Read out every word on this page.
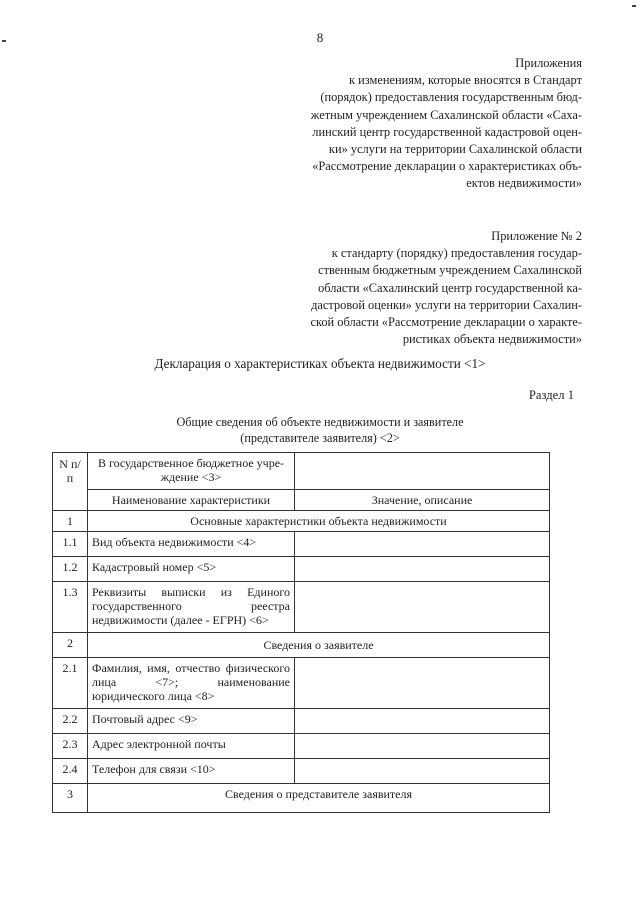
8
Приложения
к изменениям, которые вносятся в Стандарт
(порядок) предоставления государственным бюд-
жетным учреждением Сахалинской области «Саха-
линский центр государственной кадастровой оцен-
ки» услуги на территории Сахалинской области
«Рассмотрение декларации о характеристиках объ-
ектов недвижимости»
Приложение № 2
к стандарту (порядку) предоставления государ-
ственным бюджетным учреждением Сахалинской
области «Сахалинский центр государственной ка-
дастровой оценки» услуги на территории Сахалин-
ской области «Рассмотрение декларации о характе-
ристиках объекта недвижимости»
Декларация о характеристиках объекта недвижимости <1>
Раздел 1
Общие сведения об объекте недвижимости и заявителе
(представителе заявителя) <2>
N п/п	В государственное бюджетное учре-ждение <3>	
	Наименование характеристики	Значение, описание
1	Основные характеристики объекта недвижимости	
1.1	Вид объекта недвижимости <4>	
1.2	Кадастровый номер <5>	
1.3	Реквизиты выписки из Единого государственного реестра недвижимости (далее - ЕГРН) <6>	
2	Сведения о заявителе	
2.1	Фамилия, имя, отчество физического лица <7>; наименование юридического лица <8>	
2.2	Почтовый адрес <9>	
2.3	Адрес электронной почты	
2.4	Телефон для связи <10>	
3	Сведения о представителе заявителя	
